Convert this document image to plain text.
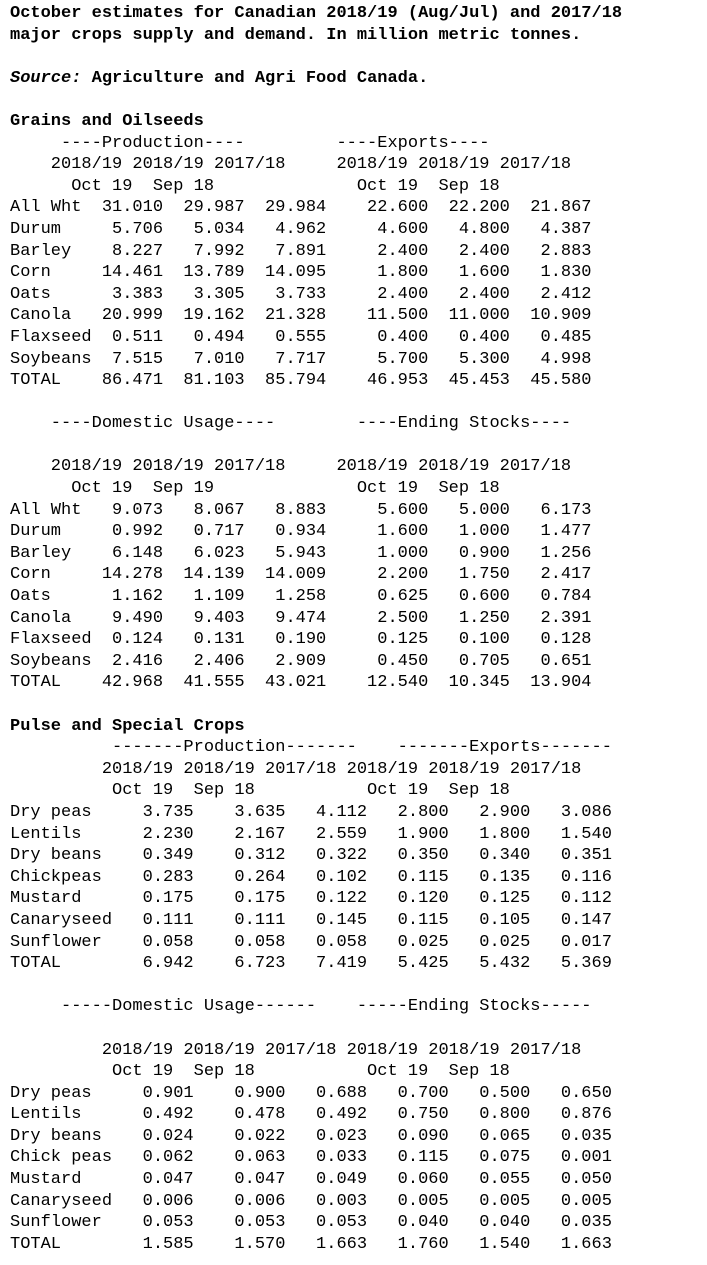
October estimates for Canadian 2018/19 (Aug/Jul) and 2017/18
major crops supply and demand. In million metric tonnes.

Source: Agriculture and Agri Food Canada.

Grains and Oilseeds
----Production----         ----Exports----
2018/19 2018/19 2017/18     2018/19 2018/19 2017/18
Oct 19  Sep 18              Oct 19  Sep 18
All Wht  31.010  29.987  29.984    22.600  22.200  21.867
Durum     5.706   5.034   4.962     4.600   4.800   4.387
Barley    8.227   7.992   7.891     2.400   2.400   2.883
Corn     14.461  13.789  14.095     1.800   1.600   1.830
Oats      3.383   3.305   3.733     2.400   2.400   2.412
Canola   20.999  19.162  21.328    11.500  11.000  10.909
Flaxseed  0.511   0.494   0.555     0.400   0.400   0.485
Soybeans  7.515   7.010   7.717     5.700   5.300   4.998
TOTAL    86.471  81.103  85.794    46.953  45.453  45.580

----Domestic Usage----        ----Ending Stocks----

2018/19 2018/19 2017/18     2018/19 2018/19 2017/18
Oct 19  Sep 19              Oct 19  Sep 18
All Wht   9.073   8.067   8.883     5.600   5.000   6.173
Durum     0.992   0.717   0.934     1.600   1.000   1.477
Barley    6.148   6.023   5.943     1.000   0.900   1.256
Corn     14.278  14.139  14.009     2.200   1.750   2.417
Oats      1.162   1.109   1.258     0.625   0.600   0.784
Canola    9.490   9.403   9.474     2.500   1.250   2.391
Flaxseed  0.124   0.131   0.190     0.125   0.100   0.128
Soybeans  2.416   2.406   2.909     0.450   0.705   0.651
TOTAL    42.968  41.555  43.021    12.540  10.345  13.904

Pulse and Special Crops
-------Production-------    -------Exports-------
2018/19 2018/19 2017/18 2018/19 2018/19 2017/18
Oct 19  Sep 18           Oct 19  Sep 18
Dry peas     3.735    3.635   4.112   2.800   2.900   3.086
Lentils      2.230    2.167   2.559   1.900   1.800   1.540
Dry beans    0.349    0.312   0.322   0.350   0.340   0.351
Chickpeas    0.283    0.264   0.102   0.115   0.135   0.116
Mustard      0.175    0.175   0.122   0.120   0.125   0.112
Canaryseed   0.111    0.111   0.145   0.115   0.105   0.147
Sunflower    0.058    0.058   0.058   0.025   0.025   0.017
TOTAL        6.942    6.723   7.419   5.425   5.432   5.369

-----Domestic Usage------    -----Ending Stocks-----

2018/19 2018/19 2017/18 2018/19 2018/19 2017/18
Oct 19  Sep 18           Oct 19  Sep 18
Dry peas     0.901    0.900   0.688   0.700   0.500   0.650
Lentils      0.492    0.478   0.492   0.750   0.800   0.876
Dry beans    0.024    0.022   0.023   0.090   0.065   0.035
Chick peas   0.062    0.063   0.033   0.115   0.075   0.001
Mustard      0.047    0.047   0.049   0.060   0.055   0.050
Canaryseed   0.006    0.006   0.003   0.005   0.005   0.005
Sunflower    0.053    0.053   0.053   0.040   0.040   0.035
TOTAL        1.585    1.570   1.663   1.760   1.540   1.663
